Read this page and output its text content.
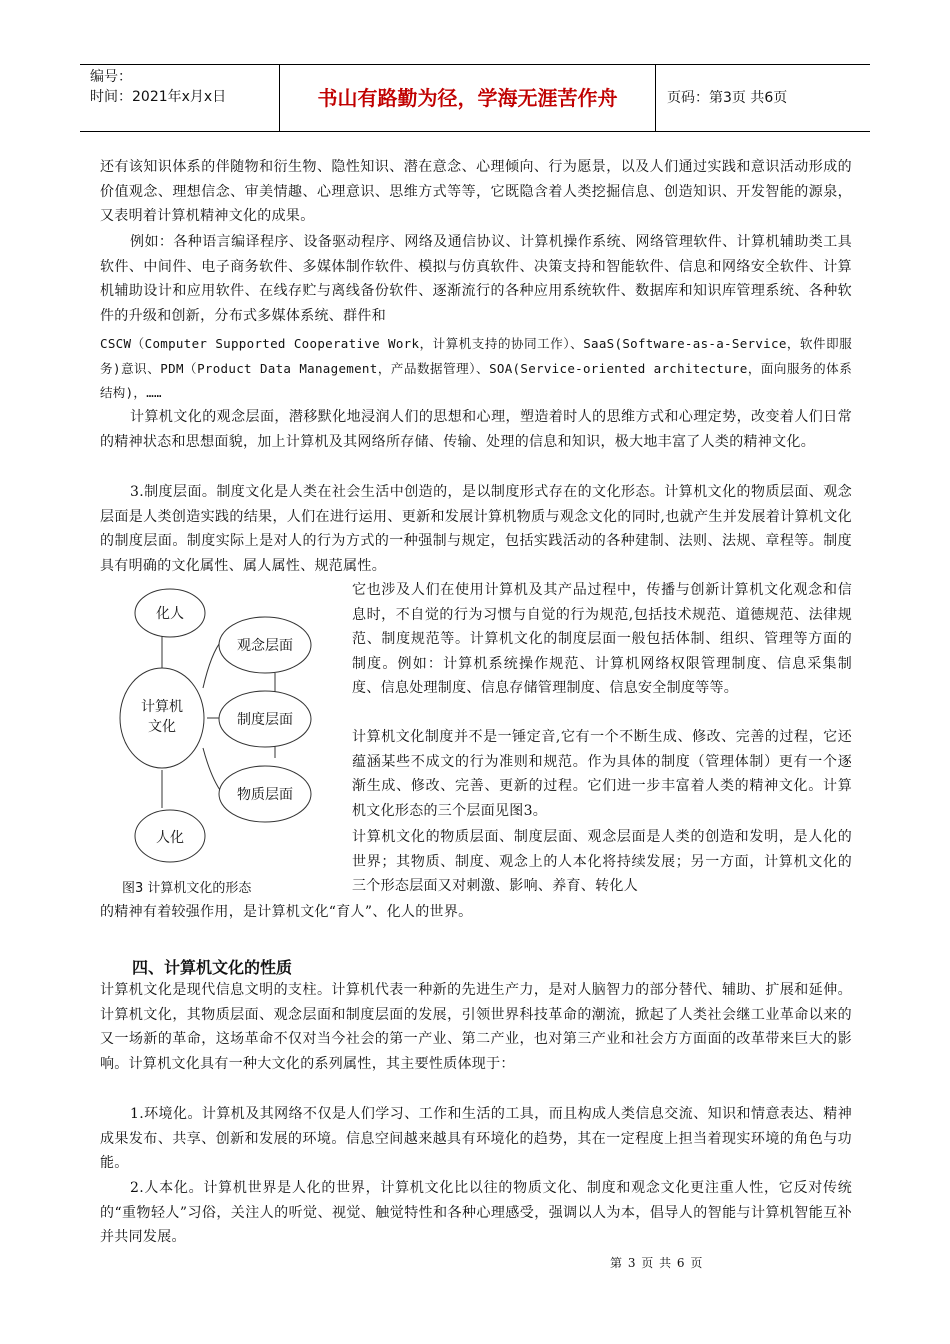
编号：
时间：2021年x月x日	书山有路勤为径，学海无涯苦作舟	页码：第3页 共6页

还有该知识体系的伴随物和衍生物、隐性知识、潜在意念、心理倾向、行为愿景，以及人们通过实践和意识活动形成的价值观念、理想信念、审美情趣、心理意识、思维方式等等，它既隐含着人类挖掘信息、创造知识、开发智能的源泉，又表明着计算机精神文化的成果。

例如：各种语言编译程序、设备驱动程序、网络及通信协议、计算机操作系统、网络管理软件、计算机辅助类工具软件、中间件、电子商务软件、多媒体制作软件、模拟与仿真软件、决策支持和智能软件、信息和网络安全软件、计算机辅助设计和应用软件、在线存贮与离线备份软件、逐渐流行的各种应用系统软件、数据库和知识库管理系统、各种软件的升级和创新，分布式多媒体系统、群件和

CSCW（Computer Supported Cooperative Work，计算机支持的协同工作）、SaaS(Software-as-a-Service，软件即服务)意识、PDM（Product Data Management，产品数据管理）、SOA(Service-oriented architecture，面向服务的体系结构)，……

计算机文化的观念层面，潜移默化地浸润人们的思想和心理，塑造着时人的思维方式和心理定势，改变着人们日常的精神状态和思想面貌，加上计算机及其网络所存储、传输、处理的信息和知识，极大地丰富了人类的精神文化。

3.制度层面。制度文化是人类在社会生活中创造的，是以制度形式存在的文化形态。计算机文化的物质层面、观念层面是人类创造实践的结果，人们在进行运用、更新和发展计算机物质与观念文化的同时,也就产生并发展着计算机文化的制度层面。制度实际上是对人的行为方式的一种强制与规定，包括实践活动的各种建制、法则、法规、章程等。制度具有明确的文化属性、属人属性、规范属性。

化人
计算机
文化
人化
观念层面
制度层面
物质层面
图3 计算机文化的形态

它也涉及人们在使用计算机及其产品过程中，传播与创新计算机文化观念和信息时，不自觉的行为习惯与自觉的行为规范,包括技术规范、道德规范、法律规范、制度规范等。计算机文化的制度层面一般包括体制、组织、管理等方面的制度。例如：计算机系统操作规范、计算机网络权限管理制度、信息采集制度、信息处理制度、信息存储管理制度、信息安全制度等等。

计算机文化制度并不是一锤定音,它有一个不断生成、修改、完善的过程，它还蕴涵某些不成文的行为准则和规范。作为具体的制度（管理体制）更有一个逐渐生成、修改、完善、更新的过程。它们进一步丰富着人类的精神文化。计算机文化形态的三个层面见图3。

计算机文化的物质层面、制度层面、观念层面是人类的创造和发明，是人化的世界；其物质、制度、观念上的人本化将持续发展；另一方面，计算机文化的三个形态层面又对刺激、影响、养育、转化人

的精神有着较强作用，是计算机文化“育人”、化人的世界。

四、计算机文化的性质

计算机文化是现代信息文明的支柱。计算机代表一种新的先进生产力，是对人脑智力的部分替代、辅助、扩展和延伸。计算机文化，其物质层面、观念层面和制度层面的发展，引领世界科技革命的潮流，掀起了人类社会继工业革命以来的又一场新的革命，这场革命不仅对当今社会的第一产业、第二产业，也对第三产业和社会方方面面的改革带来巨大的影响。计算机文化具有一种大文化的系列属性，其主要性质体现于：

1.环境化。计算机及其网络不仅是人们学习、工作和生活的工具，而且构成人类信息交流、知识和情意表达、精神成果发布、共享、创新和发展的环境。信息空间越来越具有环境化的趋势，其在一定程度上担当着现实环境的角色与功能。

2.人本化。计算机世界是人化的世界，计算机文化比以往的物质文化、制度和观念文化更注重人性，它反对传统的“重物轻人”习俗，关注人的听觉、视觉、触觉特性和各种心理感受，强调以人为本，倡导人的智能与计算机智能互补并共同发展。

第 3 页 共 6 页
